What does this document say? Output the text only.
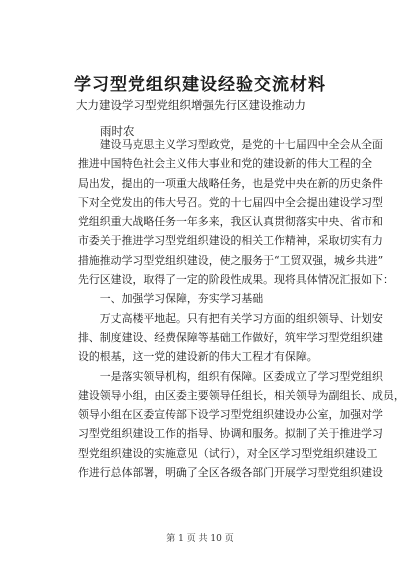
学习型党组织建设经验交流材料
大力建设学习型党组织增强先行区建设推动力
雨时农
　　建设马克思主义学习型政党，是党的十七届四中全会从全面
推进中国特色社会主义伟大事业和党的建设新的伟大工程的全
局出发，提出的一项重大战略任务，也是党中央在新的历史条件
下对全党发出的伟大号召。党的十七届四中全会提出建设学习型
党组织重大战略任务一年多来，我区认真贯彻落实中央、省市和
市委关于推进学习型党组织建设的相关工作精神，采取切实有力
措施推动学习型党组织建设，使之服务于“工贸双强，城乡共进”
先行区建设，取得了一定的阶段性成果。现将具体情况汇报如下：
　　一、加强学习保障，夯实学习基础
　　万丈高楼平地起。只有把有关学习方面的组织领导、计划安
排、制度建设、经费保障等基础工作做好，筑牢学习型党组织建
设的根基，这一党的建设新的伟大工程才有保障。
　　一是落实领导机构，组织有保障。区委成立了学习型党组织
建设领导小组，由区委主要领导任组长，相关领导为副组长、成员，
领导小组在区委宣传部下设学习型党组织建设办公室，加强对学
习型党组织建设工作的指导、协调和服务。拟制了关于推进学习
型党组织建设的实施意见（试行），对全区学习型党组织建设工
作进行总体部署，明确了全区各级各部门开展学习型党组织建设
第 1 页 共 10 页
